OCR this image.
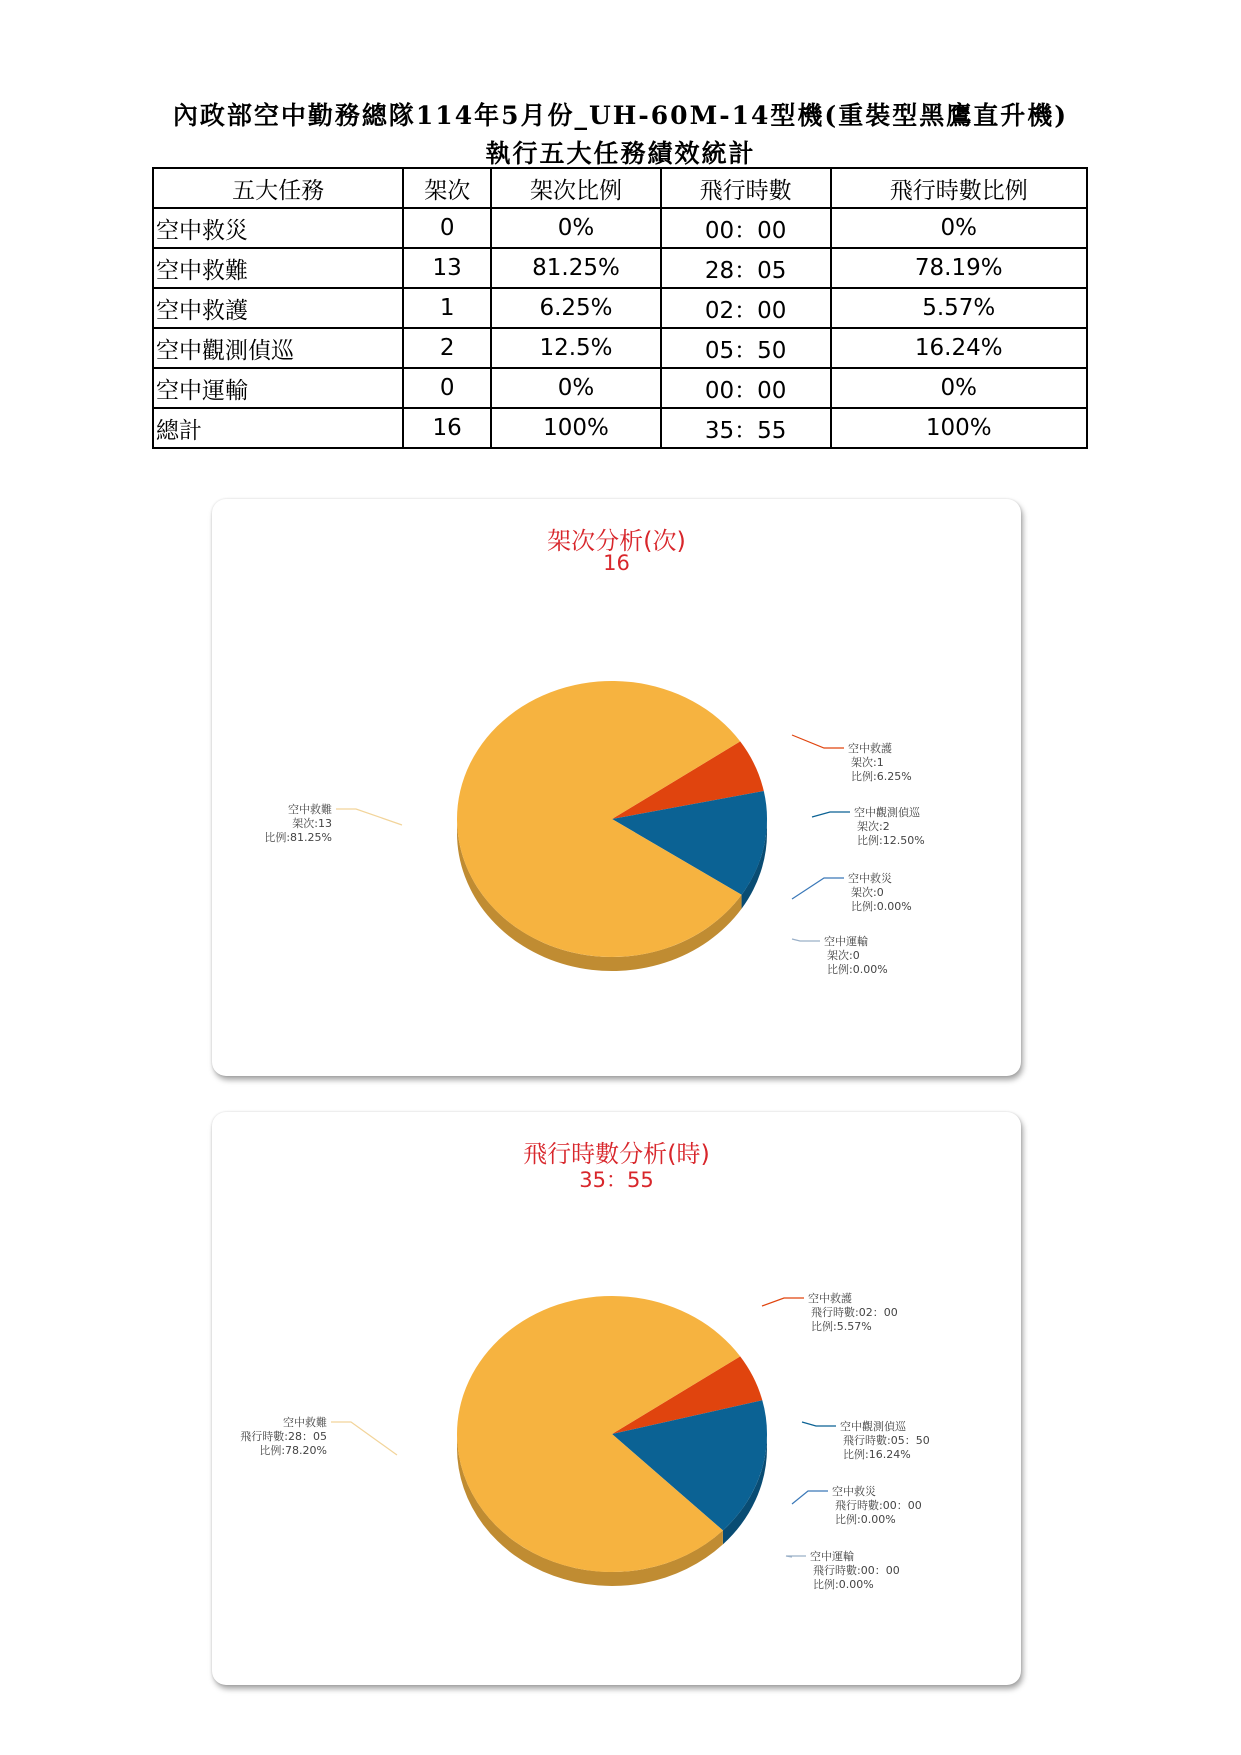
內政部空中勤務總隊114年5月份_UH-60M-14型機(重裝型黑鷹直升機)
執行五大任務績效統計
五大任務	架次	架次比例	飛行時數	飛行時數比例
空中救災	0	0%	00：00	0%
空中救難	13	81.25%	28：05	78.19%
空中救護	1	6.25%	02：00	5.57%
空中觀測偵巡	2	12.5%	05：50	16.24%
空中運輸	0	0%	00：00	0%
總計	16	100%	35：55	100%
架次分析(次)
16
空中救護
架次:1
比例:6.25%
空中觀測偵巡
架次:2
比例:12.50%
空中救災
架次:0
比例:0.00%
空中運輸
架次:0
比例:0.00%
空中救難
架次:13
比例:81.25%
飛行時數分析(時)
35：55
空中救護
飛行時數:02：00
比例:5.57%
空中觀測偵巡
飛行時數:05：50
比例:16.24%
空中救災
飛行時數:00：00
比例:0.00%
空中運輸
飛行時數:00：00
比例:0.00%
空中救難
飛行時數:28：05
比例:78.20%
